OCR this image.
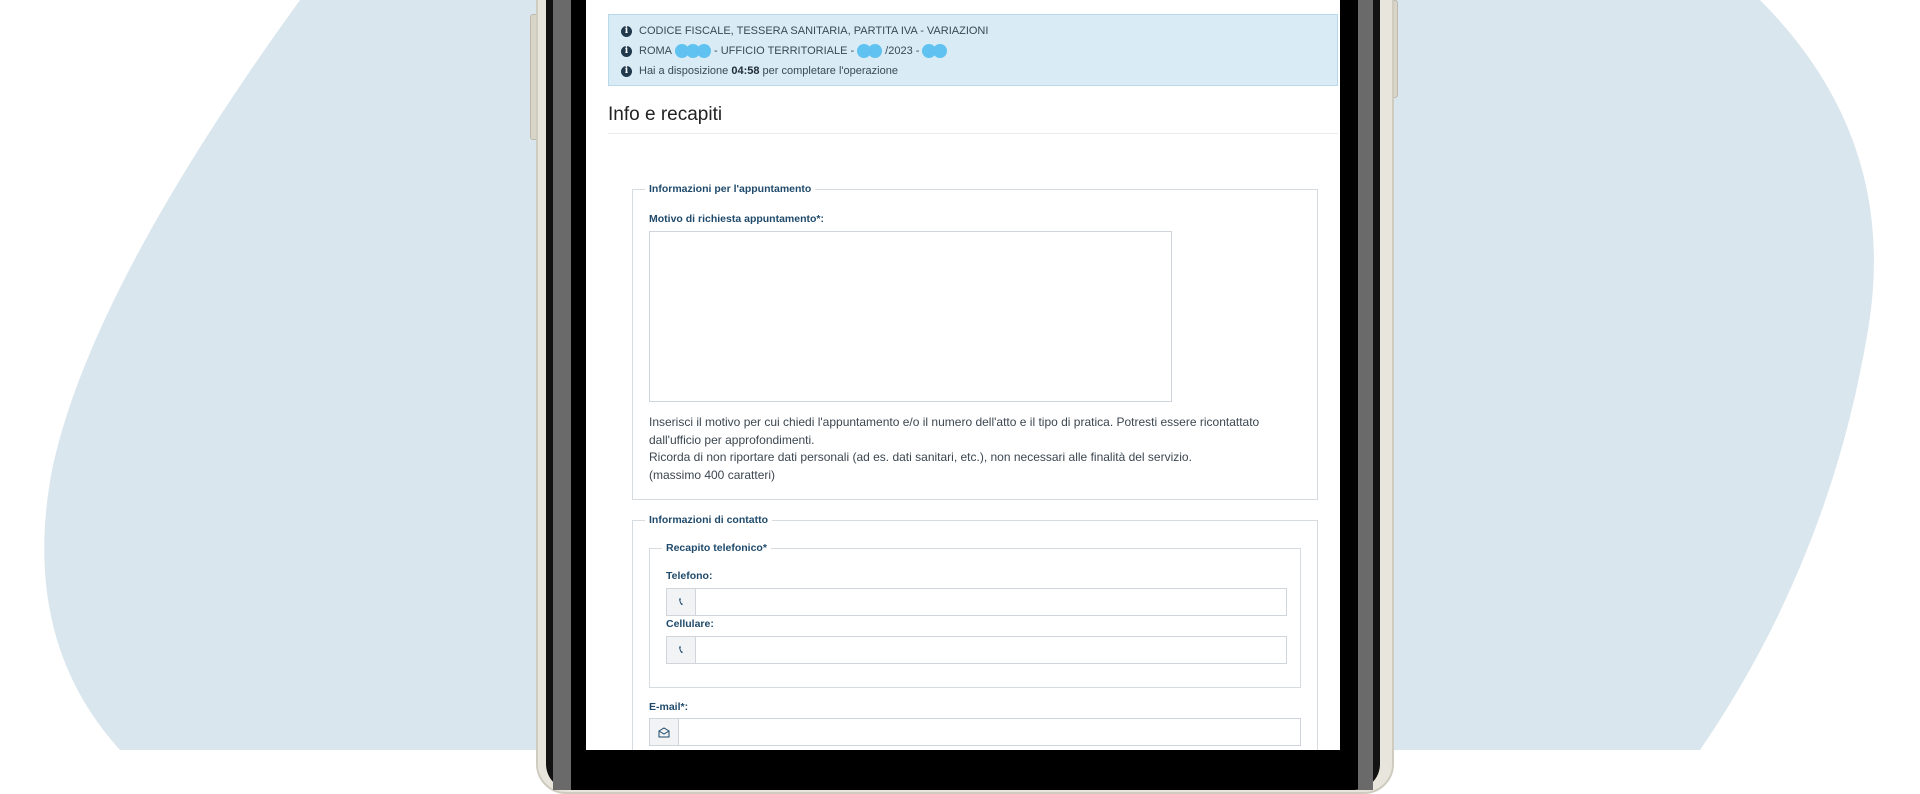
i CODICE FISCALE, TESSERA SANITARIA, PARTITA IVA - VARIAZIONI
i ROMA	- UFFICIO TERRITORIALE -	/2023 -
i Hai a disposizione
04:58
per completare l'operazione
Info e recapiti
Informazioni per l'appuntamento
Motivo di richiesta appuntamento*:
Inserisci il motivo per cui chiedi l'appuntamento e/o il numero dell'atto e il tipo di pratica. Potresti essere ricontattato
dall'ufficio per approfondimenti.
Ricorda di non riportare dati personali (ad es. dati sanitari, etc.), non necessari alle finalità del servizio.
(massimo 400 caratteri)
Informazioni di contatto
Recapito telefonico*
Telefono:
📞︎
Cellulare:
📞︎
E-mail*:
